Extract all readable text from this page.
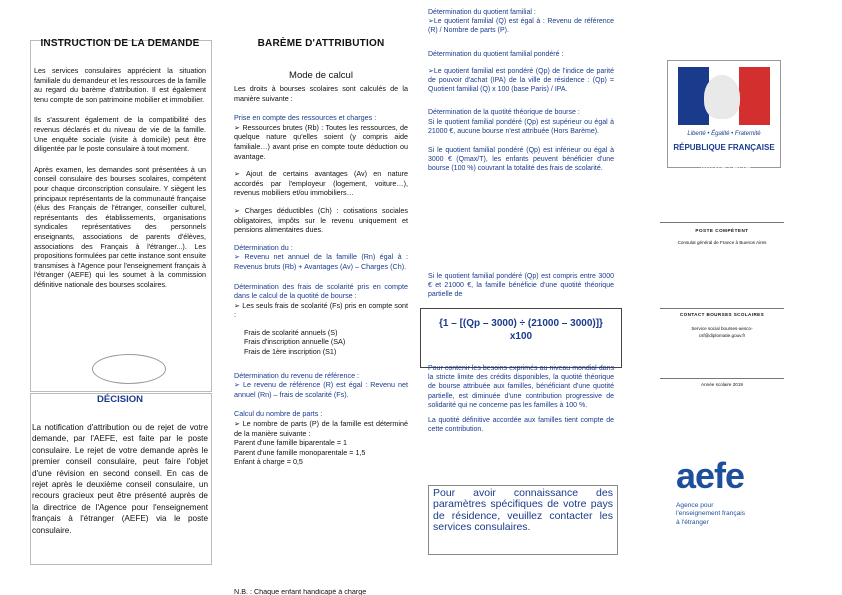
INSTRUCTION DE LA DEMANDE

Les services consulaires apprécient la situation familiale du demandeur et les ressources de la famille au regard du barème d'attribution. Il est également tenu compte de son patrimoine mobilier et immobilier.

Ils s'assurent également de la compatibilité des revenus déclarés et du niveau de vie de la famille. Une enquête sociale (visite à domicile) peut être diligentée par le poste consulaire à tout moment.

Après examen, les demandes sont présentées à un conseil consulaire des bourses scolaires, compétent pour chaque circonscription consulaire. Y siègent les principaux représentants de la communauté française (élus des Français de l'étranger, conseiller culturel, représentants des établissements, organisations syndicales représentatives des personnels enseignants, associations de parents d'élèves, associations des Français à l'étranger...). Les propositions formulées par cette instance sont ensuite transmises à l'Agence pour l'enseignement français à l'étranger (AEFE) qui les soumet à la commission définitive nationale des bourses scolaires.

DÉCISION

La notification d'attribution ou de rejet de votre demande, par l'AEFE, est faite par le poste consulaire. Le rejet de votre demande après le premier conseil consulaire, peut faire l'objet d'une révision en second conseil. En cas de rejet après le deuxième conseil consulaire, un recours gracieux peut être présenté auprès de la directrice de l'Agence pour l'enseignement français à l'étranger (AEFE) via le poste consulaire.

BARÈME D'ATTRIBUTION
Mode de calcul

Les droits à bourses scolaires sont calculés de la manière suivante :

Prise en compte des ressources et charges :

➢ Ressources brutes (Rb) : Toutes les ressources, de quelque nature qu'elles soient (y compris aide familiale…) avant prise en compte toute déduction ou avantage.

➢ Ajout de certains avantages (Av) en nature accordés par l'employeur (logement, voiture…), revenus mobiliers et/ou immobiliers…

➢ Charges déductibles (Ch) : cotisations sociales obligatoires, impôts sur le revenu uniquement et pensions alimentaires dues.

Détermination du :

➢ Revenu net annuel de la famille (Rn) égal à : Revenus bruts (Rb) + Avantages (Av) – Charges (Ch).

Détermination des frais de scolarité pris en compte dans le calcul de la quotité de bourse :

➢ Les seuls frais de scolarité (Fs) pris en compte sont :

Frais de scolarité annuels (S)

Frais d'inscription annuelle (SA)

Frais de 1ère inscription (S1)

Détermination du revenu de référence :

➢ Le revenu de référence (R) est égal : Revenu net annuel (Rn) – frais de scolarité (Fs).

Calcul du nombre de parts :

➢ Le nombre de parts (P) de la famille est déterminé de la manière suivante :

Parent d'une famille biparentale = 1

Parent d'une famille monoparentale = 1,5

Enfant à charge = 0,5

N.B. : Chaque enfant handicapé à charge

Détermination du quotient familial :

➢Le quotient familial (Q) est égal à : Revenu de référence (R) / Nombre de parts (P).

Détermination du quotient familial pondéré :

➢Le quotient familial est pondéré (Qp) de l'indice de parité de pouvoir d'achat (IPA) de la ville de résidence : (Qp) = Quotient familial (Q) x 100 (base Paris) / IPA.

Détermination de la quotité théorique de bourse :

Si le quotient familial pondéré (Qp) est supérieur ou égal à 21000 €, aucune bourse n'est attribuée (Hors Barème).

Si le quotient familial pondéré (Qp) est inférieur ou égal à 3000 € (Qmax/T), les enfants peuvent bénéficier d'une bourse (100 %) couvrant la totalité des frais de scolarité.

Si le quotient familial pondéré (Qp) est compris entre 3000 € et 21000 €, la famille bénéficie d'une quotité théorique partielle de

{1 – [(Qp – 3000) ÷ (21000 – 3000)]} x100

Pour contenir les besoins exprimés au niveau mondial dans la stricte limite des crédits disponibles, la quotité théorique de bourse attribuée aux familles, bénéficiant d'une quotité partielle, est diminuée d'une contribution progressive de solidarité qui ne concerne pas les familles à 100 %.

La quotité définitive accordée aux familles tient compte de cette contribution.

Pour avoir connaissance des paramètres spécifiques de votre pays de résidence, veuillez contacter les services consulaires.

Liberté • Égalité • Fraternité

RÉPUBLIQUE FRANÇAISE

MINISTÈRE

DES AFFAIRES

ÉTRANGÈRES

ET DU DÉVELOPPEMENT

INTERNATIONAL

POSTE COMPÉTENT

Consulat général de France à Buenos Aires

CONTACT BOURSES SCOLAIRES

Service social bourses-aesco-

csf@diplomatie.gouv.fr

Année scolaire 2019

aefe

Agence pour

l'enseignement français

à l'étranger
